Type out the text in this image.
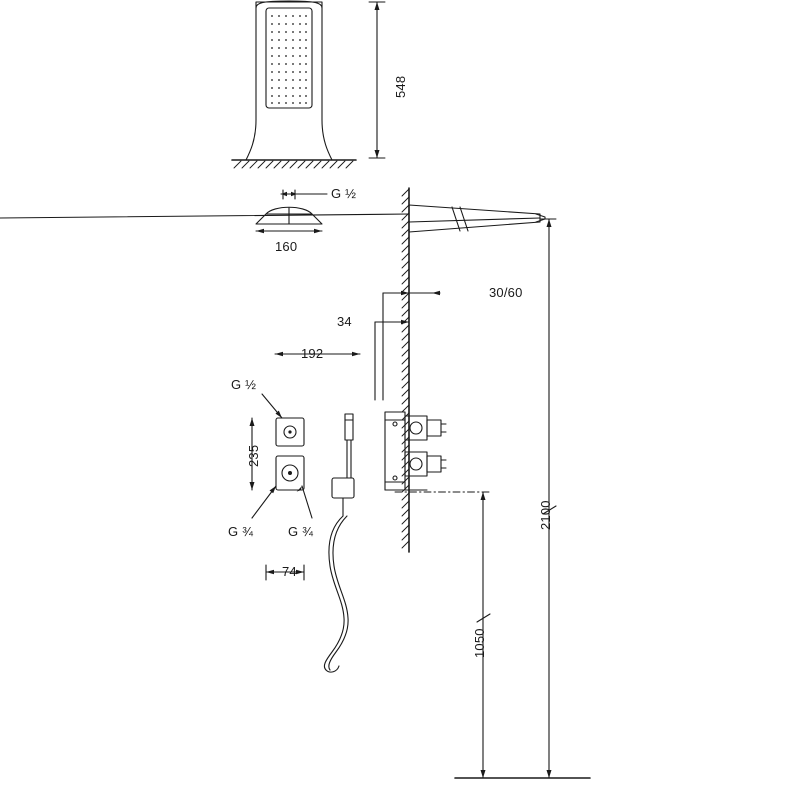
548
G ½
160
30/60
34
192
G ½
235
G ¾	G ¾
74
2100
1050
